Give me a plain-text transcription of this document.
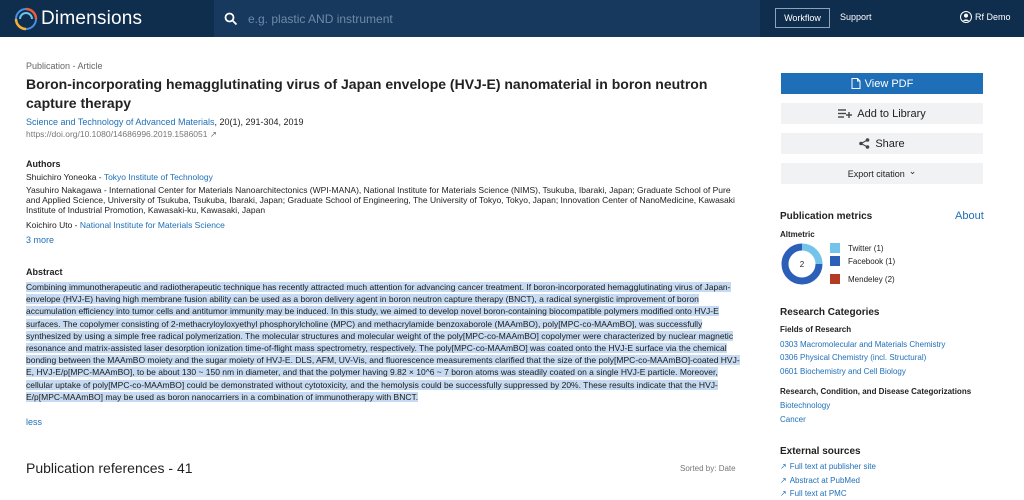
Dimensions
e.g. plastic AND instrument	Workflow	Support	Rf Demo
Publication - Article
Boron-incorporating hemagglutinating virus of Japan envelope (HVJ-E) nanomaterial in boron neutron capture therapy
Science and Technology of Advanced Materials, 20(1), 291-304, 2019
https://doi.org/10.1080/14686996.2019.1586051 ↗
Authors
Shuichiro Yoneoka - Tokyo Institute of Technology
Yasuhiro Nakagawa - International Center for Materials Nanoarchitectonics (WPI-MANA), National Institute for Materials Science (NIMS), Tsukuba, Ibaraki, Japan; Graduate School of Pure and Applied Science, University of Tsukuba, Tsukuba, Ibaraki, Japan; Graduate School of Engineering, The University of Tokyo, Tokyo, Japan; Innovation Center of NanoMedicine, Kawasaki Institute of Industrial Promotion, Kawasaki-ku, Kawasaki, Japan
Koichiro Uto - National Institute for Materials Science
3 more
Abstract
Combining immunotherapeutic and radiotherapeutic technique has recently attracted much attention for advancing cancer treatment. If boron-incorporated hemagglutinating virus of Japan-envelope (HVJ-E) having high membrane fusion ability can be used as a boron delivery agent in boron neutron capture therapy (BNCT), a radical synergistic improvement of boron accumulation efficiency into tumor cells and antitumor immunity may be induced. In this study, we aimed to develop novel boron-containing biocompatible polymers modified onto HVJ-E surfaces. The copolymer consisting of 2-methacryloyloxyethyl phosphorylcholine (MPC) and methacrylamide benzoxaborole (MAAmBO), poly[MPC-co-MAAmBO], was successfully synthesized by using a simple free radical polymerization. The molecular structures and molecular weight of the poly[MPC-co-MAAmBO] copolymer were characterized by nuclear magnetic resonance and matrix-assisted laser desorption ionization time-of-flight mass spectrometry, respectively. The poly[MPC-co-MAAmBO] was coated onto the HVJ-E surface via the chemical bonding between the MAAmBO moiety and the sugar moiety of HVJ-E. DLS, AFM, UV-Vis, and fluorescence measurements clarified that the size of the poly[MPC-co-MAAmBO]-coated HVJ-E, HVJ-E/p[MPC-MAAmBO], to be about 130 ~ 150 nm in diameter, and that the polymer having 9.82 × 10^6 ~ 7 boron atoms was steadily coated on a single HVJ-E particle. Moreover, cellular uptake of poly[MPC-co-MAAmBO] could be demonstrated without cytotoxicity, and the hemolysis could be successfully suppressed by 20%. These results indicate that the HVJ-E/p[MPC-MAAmBO] may be used as boron nanocarriers in a combination of immunotherapy with BNCT.
less
Publication references - 41	Sorted by: Date
View PDF
Add to Library
Share
Export citation ⌄
Publication metrics	About
Altmetric
2
Twitter (1)
Facebook (1)
Mendeley (2)
Research Categories
Fields of Research
0303 Macromolecular and Materials Chemistry
0306 Physical Chemistry (incl. Structural)
0601 Biochemistry and Cell Biology
Research, Condition, and Disease Categorizations
Biotechnology
Cancer
External sources
↗ Full text at publisher site
↗ Abstract at PubMed
↗ Full text at PMC
